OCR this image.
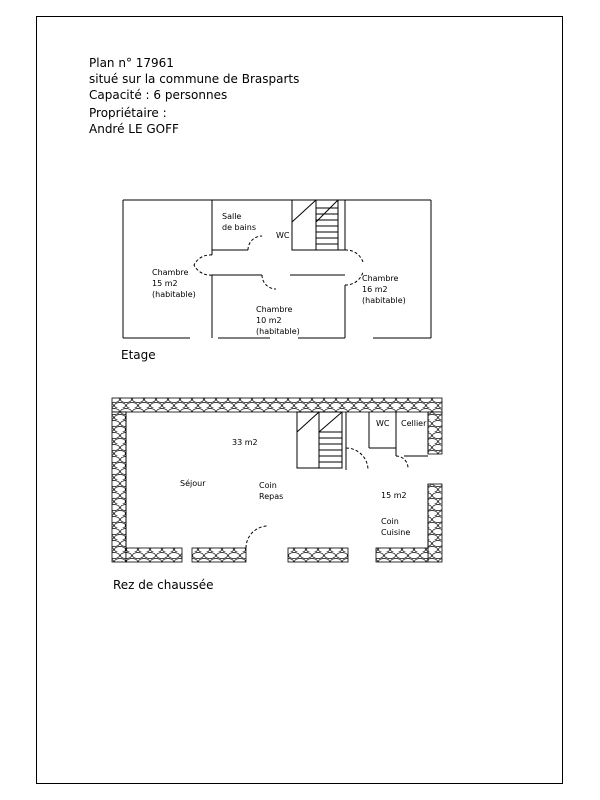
Plan n° 17961
situé sur la commune de Brasparts
Capacité : 6 personnes
Propriétaire :
André LE GOFF
Salle
de bains
WC
Chambre
15 m2
(habitable)
Chambre
10 m2
(habitable)
Chambre
16 m2
(habitable)
Etage
33 m2
WC Cellier
Séjour	Coin
Repas	15 m2
Coin
Cuisine
Rez de chaussée
